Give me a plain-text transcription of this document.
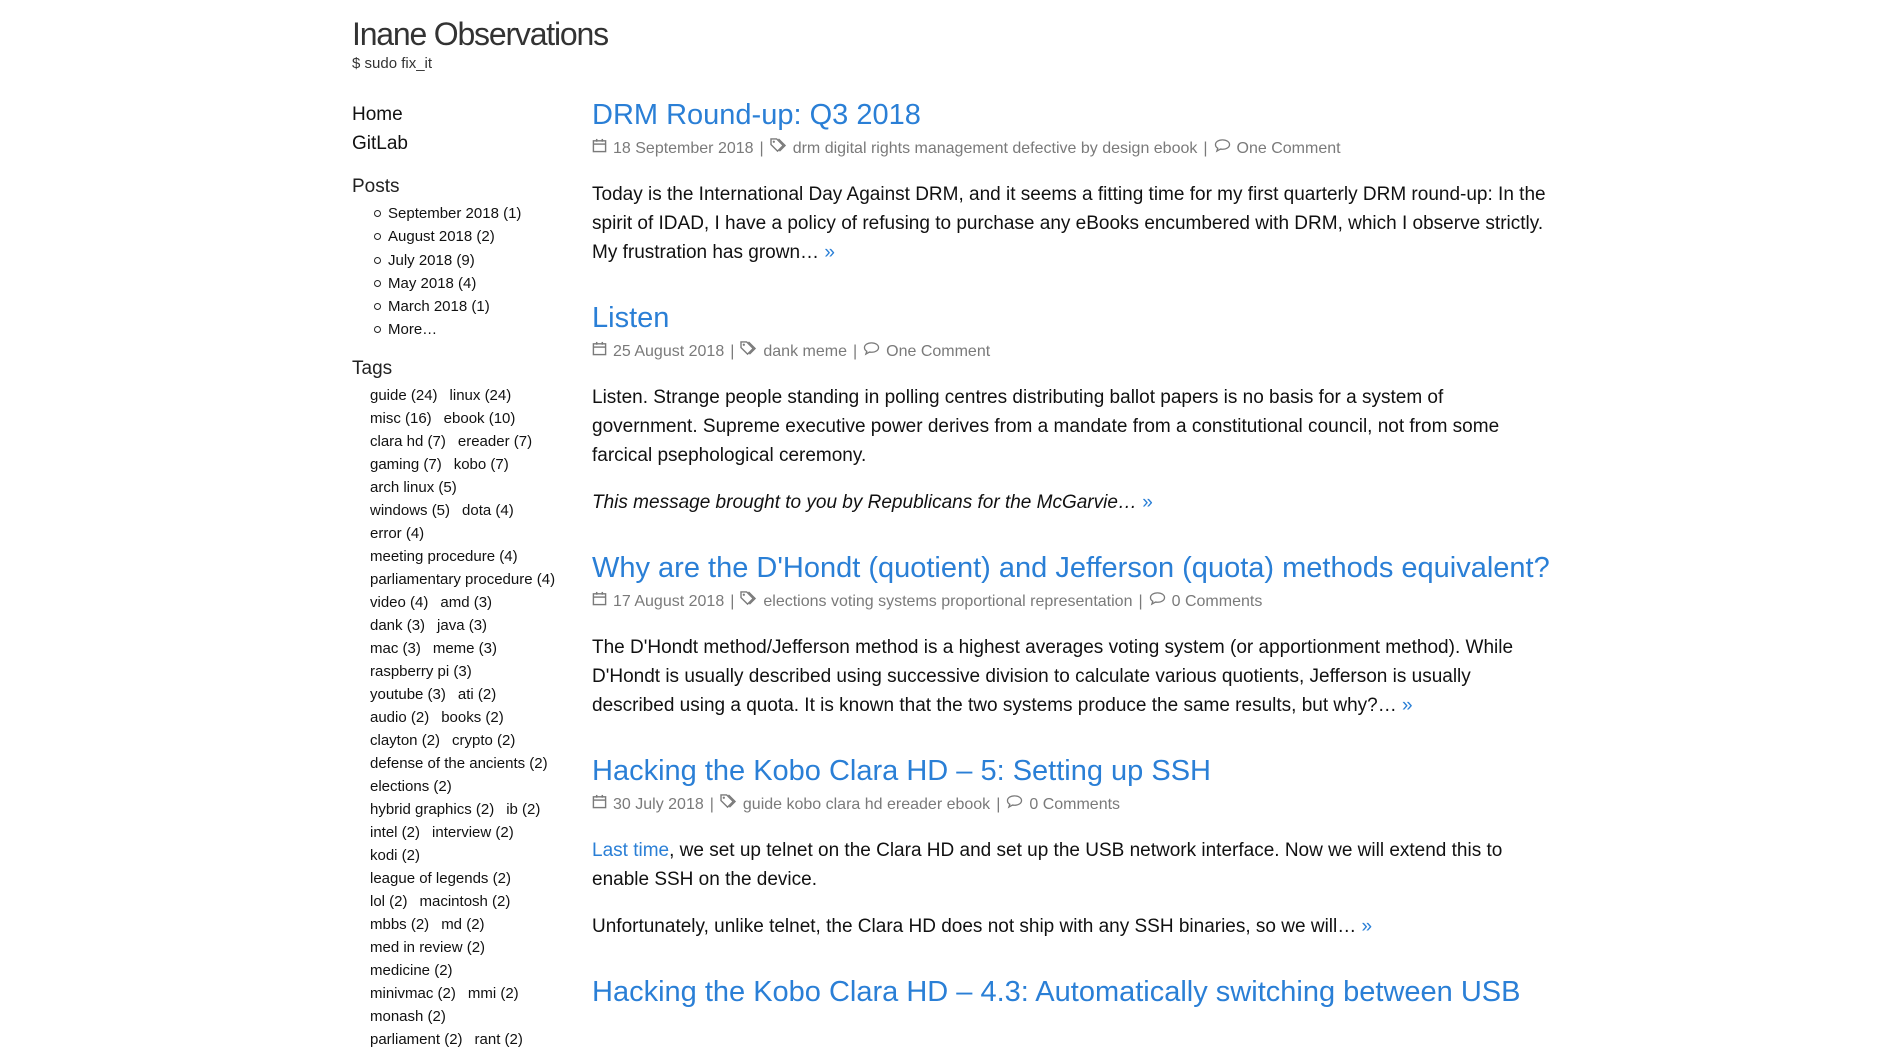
Inane Observations
$ sudo fix_it
Home
GitLab
Posts
September 2018 (1)
August 2018 (2)
July 2018 (9)
May 2018 (4)
March 2018 (1)
More…
Tags
guide (24) linux (24)
misc (16) ebook (10)
clara hd (7) ereader (7)
gaming (7) kobo (7)
arch linux (5)
windows (5) dota (4)
error (4)
meeting procedure (4)
parliamentary procedure (4)
video (4) amd (3)
dank (3) java (3)
mac (3) meme (3)
raspberry pi (3)
youtube (3) ati (2)
audio (2) books (2)
clayton (2) crypto (2)
defense of the ancients (2)
elections (2)
hybrid graphics (2) ib (2)
intel (2) interview (2)
kodi (2)
league of legends (2)
lol (2) macintosh (2)
mbbs (2) md (2)
med in review (2)
medicine (2)
minivmac (2) mmi (2)
monash (2)
parliament (2) rant (2)
DRM Round-up: Q3 2018
18 September 2018 | drm digital rights management defective by design ebook | One Comment

Today is the International Day Against DRM, and it seems a fitting time for my first quarterly DRM round-up: In the spirit of IDAD, I have a policy of refusing to purchase any eBooks encumbered with DRM, which I observe strictly. My frustration has grown… »

Listen
25 August 2018 | dank meme | One Comment

Listen. Strange people standing in polling centres distributing ballot papers is no basis for a system of government. Supreme executive power derives from a mandate from a constitutional council, not from some farcical psephological ceremony.

This message brought to you by Republicans for the McGarvie… »

Why are the D'Hondt (quotient) and Jefferson (quota) methods equivalent?
17 August 2018 | elections voting systems proportional representation | 0 Comments

The D'Hondt method/Jefferson method is a highest averages voting system (or apportionment method). While D'Hondt is usually described using successive division to calculate various quotients, Jefferson is usually described using a quota. It is known that the two systems produce the same results, but why?… »

Hacking the Kobo Clara HD – 5: Setting up SSH
30 July 2018 | guide kobo clara hd ereader ebook | 0 Comments

Last time, we set up telnet on the Clara HD and set up the USB network interface. Now we will extend this to enable SSH on the device.

Unfortunately, unlike telnet, the Clara HD does not ship with any SSH binaries, so we will… »

Hacking the Kobo Clara HD – 4.3: Automatically switching between USB
